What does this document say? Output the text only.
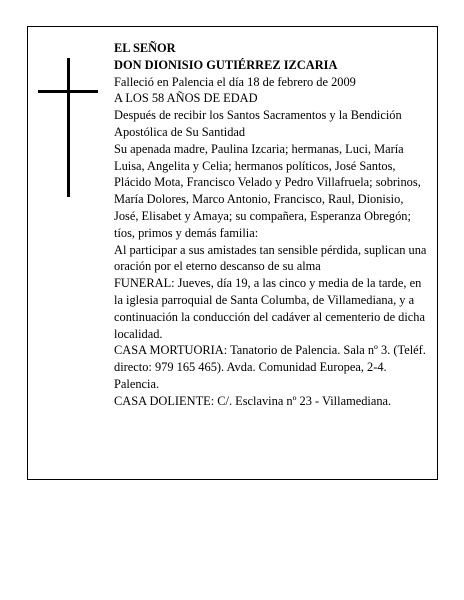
EL SEÑOR
DON DIONISIO GUTIÉRREZ IZCARIA
Falleció en Palencia el día 18 de febrero de 2009
A LOS 58 AÑOS DE EDAD
Después de recibir los Santos Sacramentos y la Bendición Apostólica de Su Santidad
Su apenada madre, Paulina Izcaria; hermanas, Luci, María Luisa, Angelita y Celia; hermanos políticos, José Santos, Plácido Mota, Francisco Velado y Pedro Villafruela; sobrinos, María Dolores, Marco Antonio, Francisco, Raul, Dionisio, José, Elisabet y Amaya; su compañera, Esperanza Obregón; tíos, primos y demás familia:
Al participar a sus amistades tan sensible pérdida, suplican una oración por el eterno descanso de su alma
FUNERAL: Jueves, día 19, a las cinco y media de la tarde, en la iglesia parroquial de Santa Columba, de Villamediana, y a continuación la conducción del cadáver al cementerio de dicha localidad.
CASA MORTUORIA: Tanatorio de Palencia. Sala nº 3. (Teléf. directo: 979 165 465). Avda. Comunidad Europea, 2-4. Palencia.
CASA DOLIENTE: C/. Esclavina nº 23 - Villamediana.
